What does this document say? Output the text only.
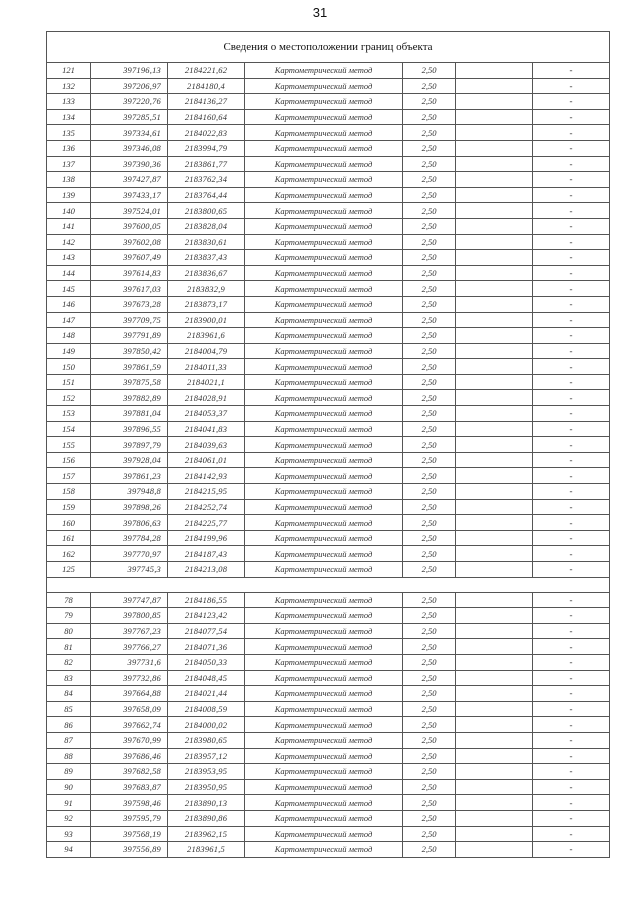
31
Сведения о местоположении границ объекта						
121	397196,13	2184221,62	Картометрический метод	2,50		-
132	397206,97	2184180,4	Картометрический метод	2,50		-
133	397220,76	2184136,27	Картометрический метод	2,50		-
134	397285,51	2184160,64	Картометрический метод	2,50		-
135	397334,61	2184022,83	Картометрический метод	2,50		-
136	397346,08	2183994,79	Картометрический метод	2,50		-
137	397390,36	2183861,77	Картометрический метод	2,50		-
138	397427,87	2183762,34	Картометрический метод	2,50		-
139	397433,17	2183764,44	Картометрический метод	2,50		-
140	397524,01	2183800,65	Картометрический метод	2,50		-
141	397600,05	2183828,04	Картометрический метод	2,50		-
142	397602,08	2183830,61	Картометрический метод	2,50		-
143	397607,49	2183837,43	Картометрический метод	2,50		-
144	397614,83	2183836,67	Картометрический метод	2,50		-
145	397617,03	2183832,9	Картометрический метод	2,50		-
146	397673,28	2183873,17	Картометрический метод	2,50		-
147	397709,75	2183900,01	Картометрический метод	2,50		-
148	397791,89	2183961,6	Картометрический метод	2,50		-
149	397850,42	2184004,79	Картометрический метод	2,50		-
150	397861,59	2184011,33	Картометрический метод	2,50		-
151	397875,58	2184021,1	Картометрический метод	2,50		-
152	397882,89	2184028,91	Картометрический метод	2,50		-
153	397881,04	2184053,37	Картометрический метод	2,50		-
154	397896,55	2184041,83	Картометрический метод	2,50		-
155	397897,79	2184039,63	Картометрический метод	2,50		-
156	397928,04	2184061,01	Картометрический метод	2,50		-
157	397861,23	2184142,93	Картометрический метод	2,50		-
158	397948,8	2184215,95	Картометрический метод	2,50		-
159	397898,26	2184252,74	Картометрический метод	2,50		-
160	397806,63	2184225,77	Картометрический метод	2,50		-
161	397784,28	2184199,96	Картометрический метод	2,50		-
162	397770,97	2184187,43	Картометрический метод	2,50		-
125	397745,3	2184213,08	Картометрический метод	2,50		-

78	397747,87	2184186,55	Картометрический метод	2,50		-
79	397800,85	2184123,42	Картометрический метод	2,50		-
80	397767,23	2184077,54	Картометрический метод	2,50		-
81	397766,27	2184071,36	Картометрический метод	2,50		-
82	397731,6	2184050,33	Картометрический метод	2,50		-
83	397732,86	2184048,45	Картометрический метод	2,50		-
84	397664,88	2184021,44	Картометрический метод	2,50		-
85	397658,09	2184008,59	Картометрический метод	2,50		-
86	397662,74	2184000,02	Картометрический метод	2,50		-
87	397670,99	2183980,65	Картометрический метод	2,50		-
88	397686,46	2183957,12	Картометрический метод	2,50		-
89	397682,58	2183953,95	Картометрический метод	2,50		-
90	397683,87	2183950,95	Картометрический метод	2,50		-
91	397598,46	2183890,13	Картометрический метод	2,50		-
92	397595,79	2183890,86	Картометрический метод	2,50		-
93	397568,19	2183962,15	Картометрический метод	2,50		-
94	397556,89	2183961,5	Картометрический метод	2,50		-
